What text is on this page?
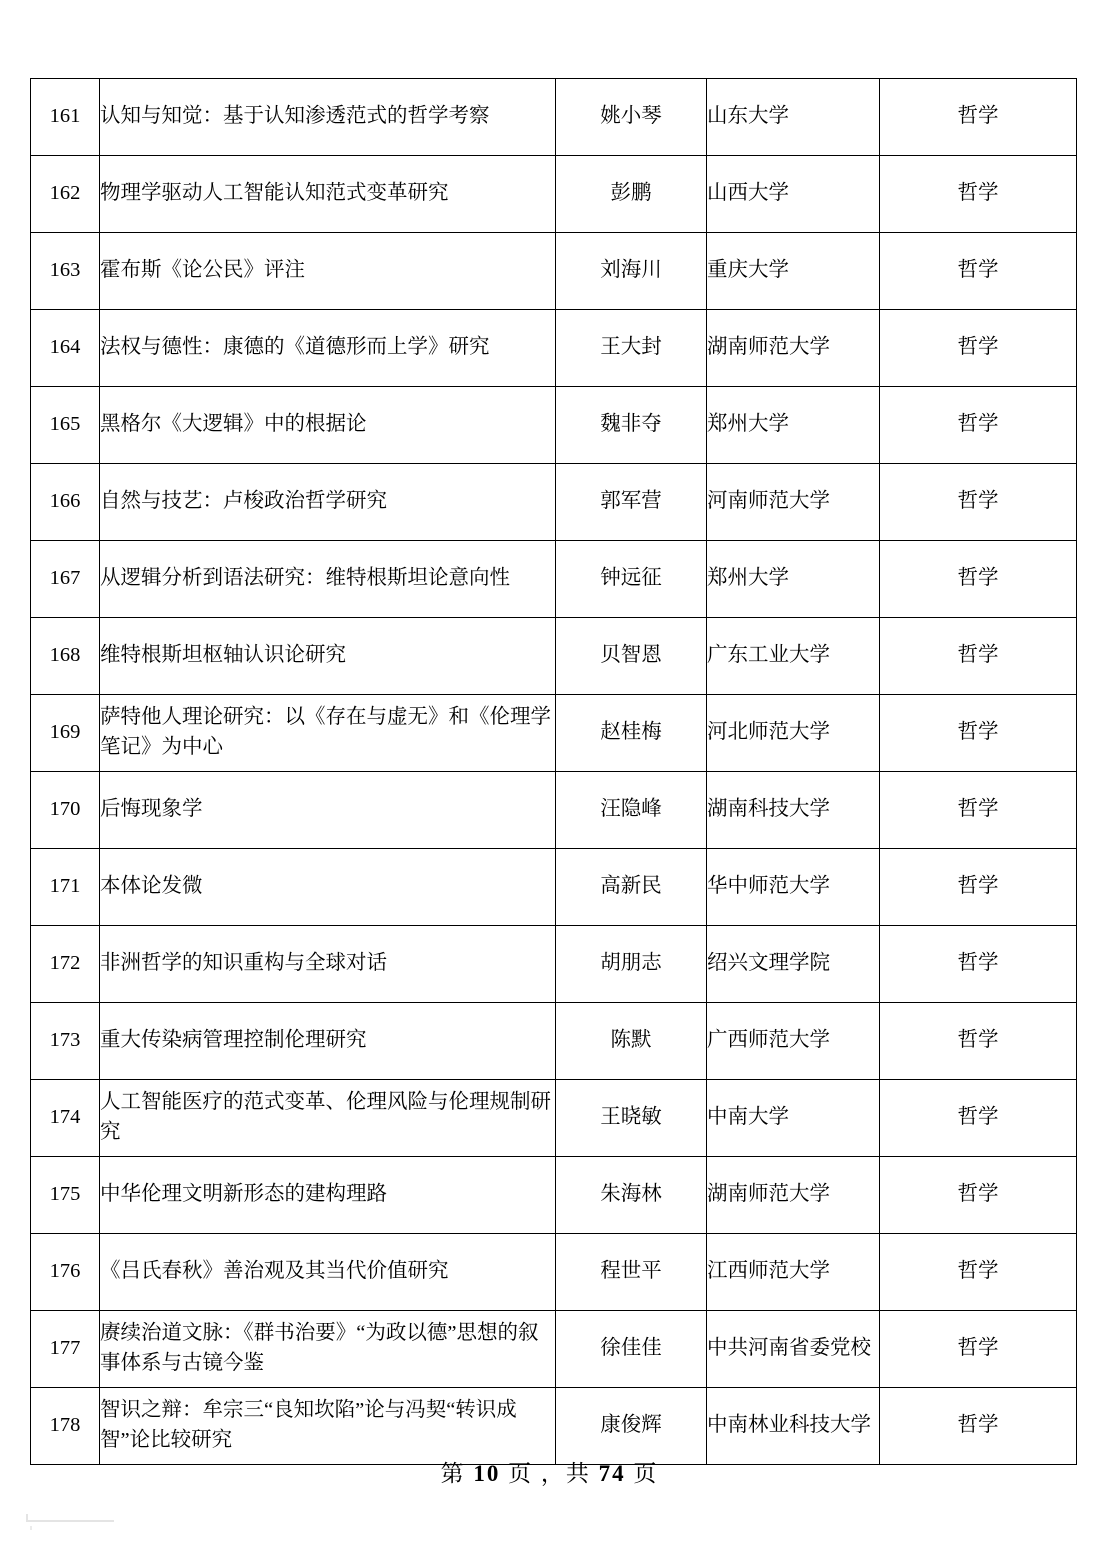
161	认知与知觉：基于认知渗透范式的哲学考察	姚小琴	山东大学	哲学
162	物理学驱动人工智能认知范式变革研究	彭鹏	山西大学	哲学
163	霍布斯《论公民》评注	刘海川	重庆大学	哲学
164	法权与德性：康德的《道德形而上学》研究	王大封	湖南师范大学	哲学
165	黑格尔《大逻辑》中的根据论	魏非夺	郑州大学	哲学
166	自然与技艺：卢梭政治哲学研究	郭军营	河南师范大学	哲学
167	从逻辑分析到语法研究：维特根斯坦论意向性	钟远征	郑州大学	哲学
168	维特根斯坦枢轴认识论研究	贝智恩	广东工业大学	哲学
169	萨特他人理论研究：以《存在与虚无》和《伦理学笔记》为中心	赵桂梅	河北师范大学	哲学
170	后悔现象学	汪隐峰	湖南科技大学	哲学
171	本体论发微	高新民	华中师范大学	哲学
172	非洲哲学的知识重构与全球对话	胡朋志	绍兴文理学院	哲学
173	重大传染病管理控制伦理研究	陈默	广西师范大学	哲学
174	人工智能医疗的范式变革、伦理风险与伦理规制研究	王晓敏	中南大学	哲学
175	中华伦理文明新形态的建构理路	朱海林	湖南师范大学	哲学
176	《吕氏春秋》善治观及其当代价值研究	程世平	江西师范大学	哲学
177	赓续治道文脉：《群书治要》“为政以德”思想的叙事体系与古镜今鉴	徐佳佳	中共河南省委党校	哲学
178	智识之辩：牟宗三“良知坎陷”论与冯契“转识成智”论比较研究	康俊辉	中南林业科技大学	哲学
第 10 页 ，共 74 页
